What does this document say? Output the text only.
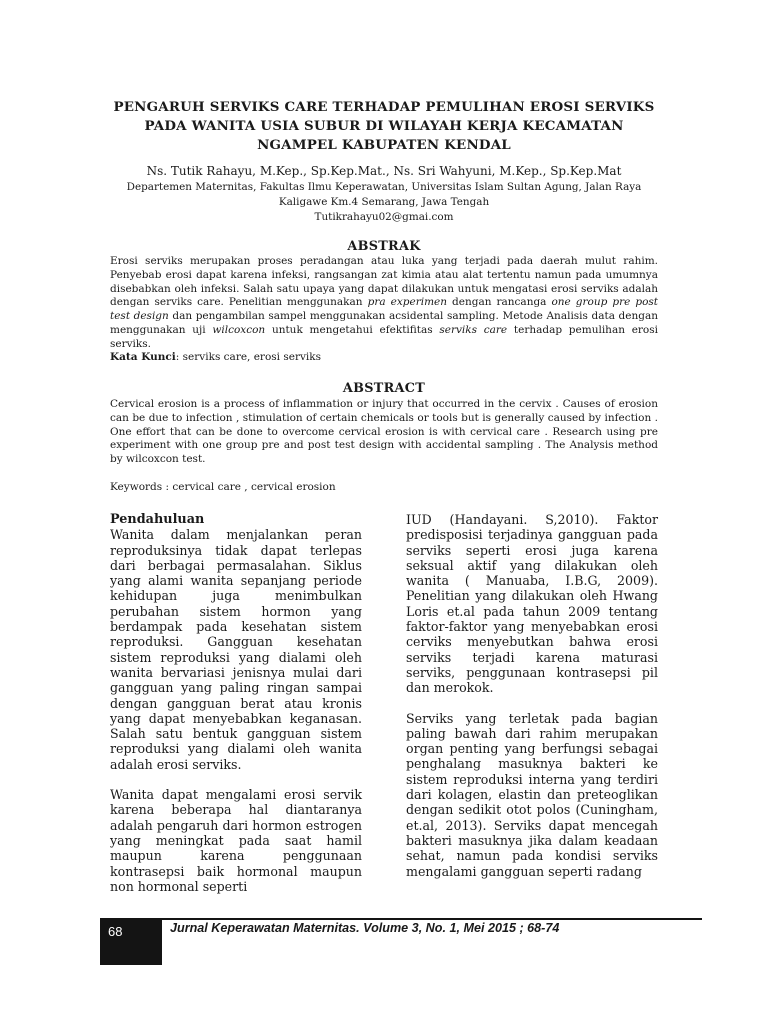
PENGARUH SERVIKS CARE TERHADAP PEMULIHAN EROSI SERVIKS
PADA WANITA USIA SUBUR DI WILAYAH KERJA KECAMATAN
NGAMPEL KABUPATEN KENDAL

Ns. Tutik Rahayu, M.Kep., Sp.Kep.Mat., Ns. Sri Wahyuni, M.Kep., Sp.Kep.Mat

Departemen Maternitas, Fakultas Ilmu Keperawatan, Universitas Islam Sultan Agung, Jalan Raya
Kaligawe Km.4 Semarang, Jawa Tengah
Tutikrahayu02@gmai.com
ABSTRAK

Erosi serviks merupakan proses peradangan atau luka yang terjadi pada daerah mulut rahim. Penyebab erosi dapat karena infeksi, rangsangan zat kimia atau alat tertentu namun pada umumnya disebabkan oleh infeksi. Salah satu upaya yang dapat dilakukan untuk mengatasi erosi serviks adalah dengan serviks care. Penelitian menggunakan pra experimen dengan rancanga one group pre post test design dan pengambilan sampel menggunakan acsidental sampling. Metode Analisis data dengan menggunakan uji wilcoxcon untuk mengetahui efektifitas serviks care terhadap pemulihan erosi serviks.

Kata Kunci: serviks care, erosi serviks

ABSTRACT

Cervical erosion is a process of inflammation or injury that occurred in the cervix . Causes of erosion can be due to infection , stimulation of certain chemicals or tools but is generally caused by infection . One effort that can be done to overcome cervical erosion is with cervical care . Research using pre experiment with one group pre and post test design with accidental sampling . The Analysis method by wilcoxcon test.

Keywords : cervical care , cervical erosion

Pendahuluan
Wanita dalam menjalankan peran reproduksinya tidak dapat terlepas dari berbagai permasalahan. Siklus yang alami wanita sepanjang periode kehidupan juga menimbulkan perubahan sistem hormon yang berdampak pada kesehatan sistem reproduksi. Gangguan kesehatan sistem reproduksi yang dialami oleh wanita bervariasi jenisnya mulai dari gangguan yang paling ringan sampai dengan gangguan berat atau kronis yang dapat menyebabkan keganasan. Salah satu bentuk gangguan sistem reproduksi yang dialami oleh wanita adalah erosi serviks.

Wanita dapat mengalami erosi servik karena beberapa hal diantaranya adalah pengaruh dari hormon estrogen yang meningkat pada saat hamil maupun karena penggunaan kontrasepsi baik hormonal maupun non hormonal seperti

IUD (Handayani. S,2010). Faktor predisposisi terjadinya gangguan pada serviks seperti erosi juga karena seksual aktif yang dilakukan oleh wanita ( Manuaba, I.B.G, 2009). Penelitian yang dilakukan oleh Hwang Loris et.al pada tahun 2009 tentang faktor-faktor yang menyebabkan erosi cerviks menyebutkan bahwa erosi serviks terjadi karena maturasi serviks, penggunaan kontrasepsi pil dan merokok.

Serviks yang terletak pada bagian paling bawah dari rahim merupakan organ penting yang berfungsi sebagai penghalang masuknya bakteri ke sistem reproduksi interna yang terdiri dari kolagen, elastin dan preteoglikan dengan sedikit otot polos (Cuningham, et.al, 2013). Serviks dapat mencegah bakteri masuknya jika dalam keadaan sehat, namun pada kondisi serviks mengalami gangguan seperti radang

68	Jurnal Keperawatan Maternitas. Volume 3, No. 1, Mei 2015 ; 68-74
